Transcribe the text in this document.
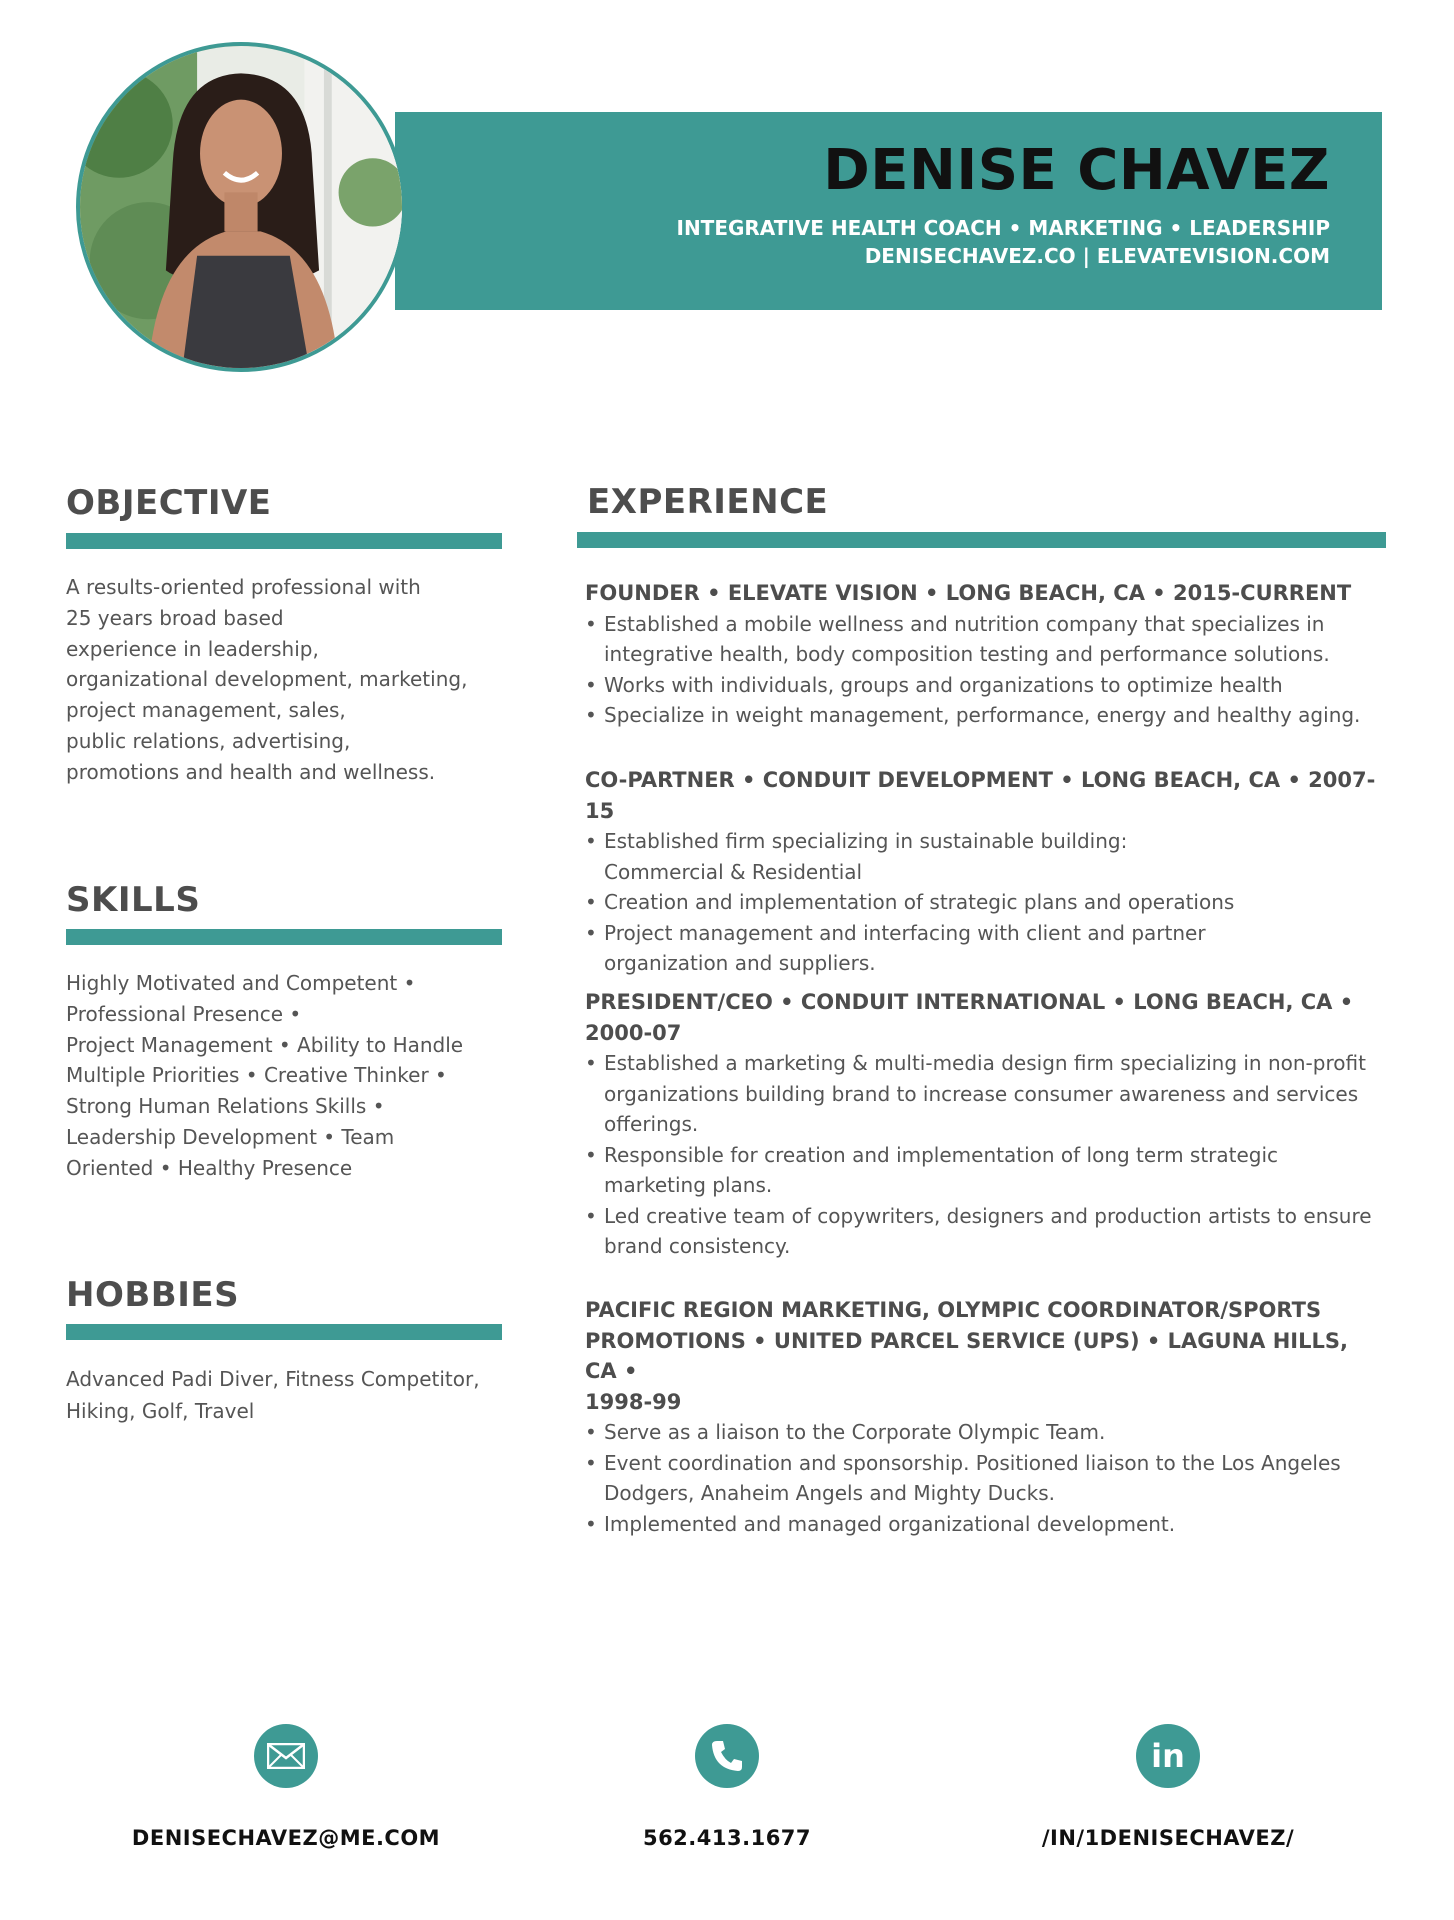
DENISE CHAVEZ
INTEGRATIVE HEALTH COACH • MARKETING • LEADERSHIP
DENISECHAVEZ.CO | ELEVATEVISION.COM
OBJECTIVE
A results-oriented professional with
25 years broad based
experience in leadership,
organizational development, marketing,
project management, sales,
public relations, advertising,
promotions and health and wellness.
SKILLS
Highly Motivated and Competent •
Professional Presence •
Project Management • Ability to Handle
Multiple Priorities • Creative Thinker •
Strong Human Relations Skills •
Leadership Development • Team
Oriented • Healthy Presence
HOBBIES
Advanced Padi Diver, Fitness Competitor,
Hiking, Golf, Travel
EXPERIENCE

FOUNDER • ELEVATE VISION • LONG BEACH, CA • 2015-CURRENT

• Established a mobile wellness and nutrition company that specializes in
integrative health, body composition testing and performance solutions.
• Works with individuals, groups and organizations to optimize health
• Specialize in weight management, performance, energy and healthy aging.

CO-PARTNER • CONDUIT DEVELOPMENT • LONG BEACH, CA • 2007-15

• Established firm specializing in sustainable building:
Commercial & Residential
• Creation and implementation of strategic plans and operations
• Project management and interfacing with client and partner
organization and suppliers.

PRESIDENT/CEO • CONDUIT INTERNATIONAL • LONG BEACH, CA •

2000-07

• Established a marketing & multi-media design firm specializing in non-profit
organizations building brand to increase consumer awareness and services
offerings.
• Responsible for creation and implementation of long term strategic
marketing plans.
• Led creative team of copywriters, designers and production artists to ensure
brand consistency.

PACIFIC REGION MARKETING, OLYMPIC COORDINATOR/SPORTS

PROMOTIONS • UNITED PARCEL SERVICE (UPS) • LAGUNA HILLS, CA •

1998-99

• Serve as a liaison to the Corporate Olympic Team.
• Event coordination and sponsorship. Positioned liaison to the Los Angeles
Dodgers, Anaheim Angels and Mighty Ducks.
• Implemented and managed organizational development.
DENISECHAVEZ@ME.COM	562.413.1677
in
/IN/1DENISECHAVEZ/
